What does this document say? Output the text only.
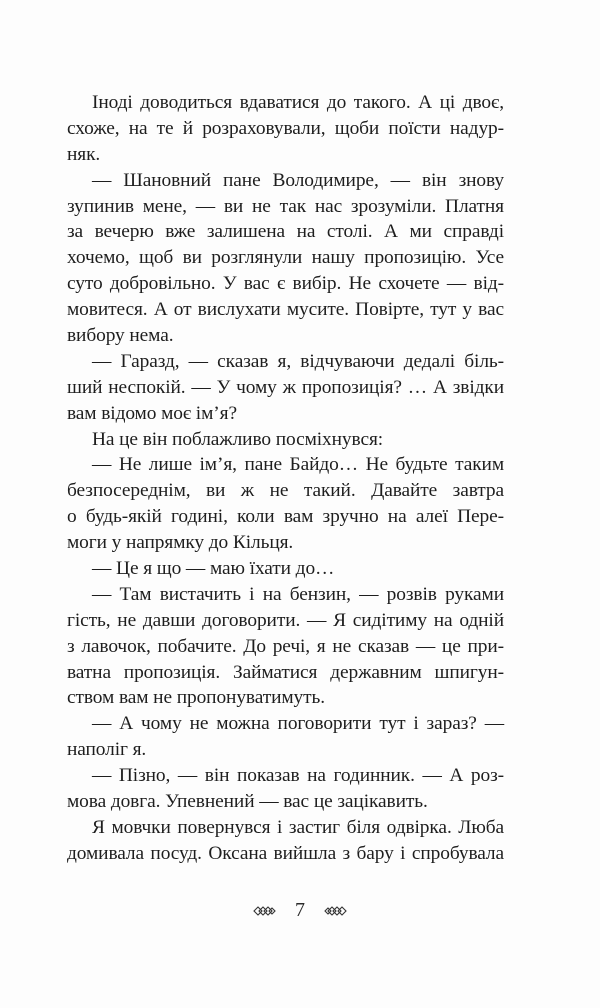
Іноді доводиться вдаватися до такого. А ці двоє,
схоже, на те й розраховували, щоби поїсти надур-
няк.
— Шановний пане Володимире, — він знову
зупинив мене, — ви не так нас зрозуміли. Платня
за вечерю вже залишена на столі. А ми справді
хочемо, щоб ви розглянули нашу пропозицію. Усе
суто добровільно. У вас є вибір. Не схочете — від-
мовитеся. А от вислухати мусите. Повірте, тут у вас
вибору нема.
— Гаразд, — сказав я, відчуваючи дедалі біль-
ший неспокій. — У чому ж пропозиція? … А звідки
вам відомо моє ім’я?
На це він поблажливо посміхнувся:
— Не лише ім’я, пане Байдо… Не будьте таким
безпосереднім, ви ж не такий. Давайте завтра
о будь-якій годині, коли вам зручно на алеї Пере-
моги у напрямку до Кільця.
— Це я що — маю їхати до…
— Там вистачить і на бензин, — розвів руками
гість, не давши договорити. — Я сидітиму на одній
з лавочок, побачите. До речі, я не сказав — це при-
ватна пропозиція. Займатися державним шпигун-
ством вам не пропонуватимуть.
— А чому не можна поговорити тут і зараз? —
наполіг я.
— Пізно, — він показав на годинник. — А роз-
мова довга. Упевнений — вас це зацікавить.
Я мовчки повернувся і застиг біля одвірка. Люба
домивала посуд. Оксана вийшла з бару і спробувала
7
